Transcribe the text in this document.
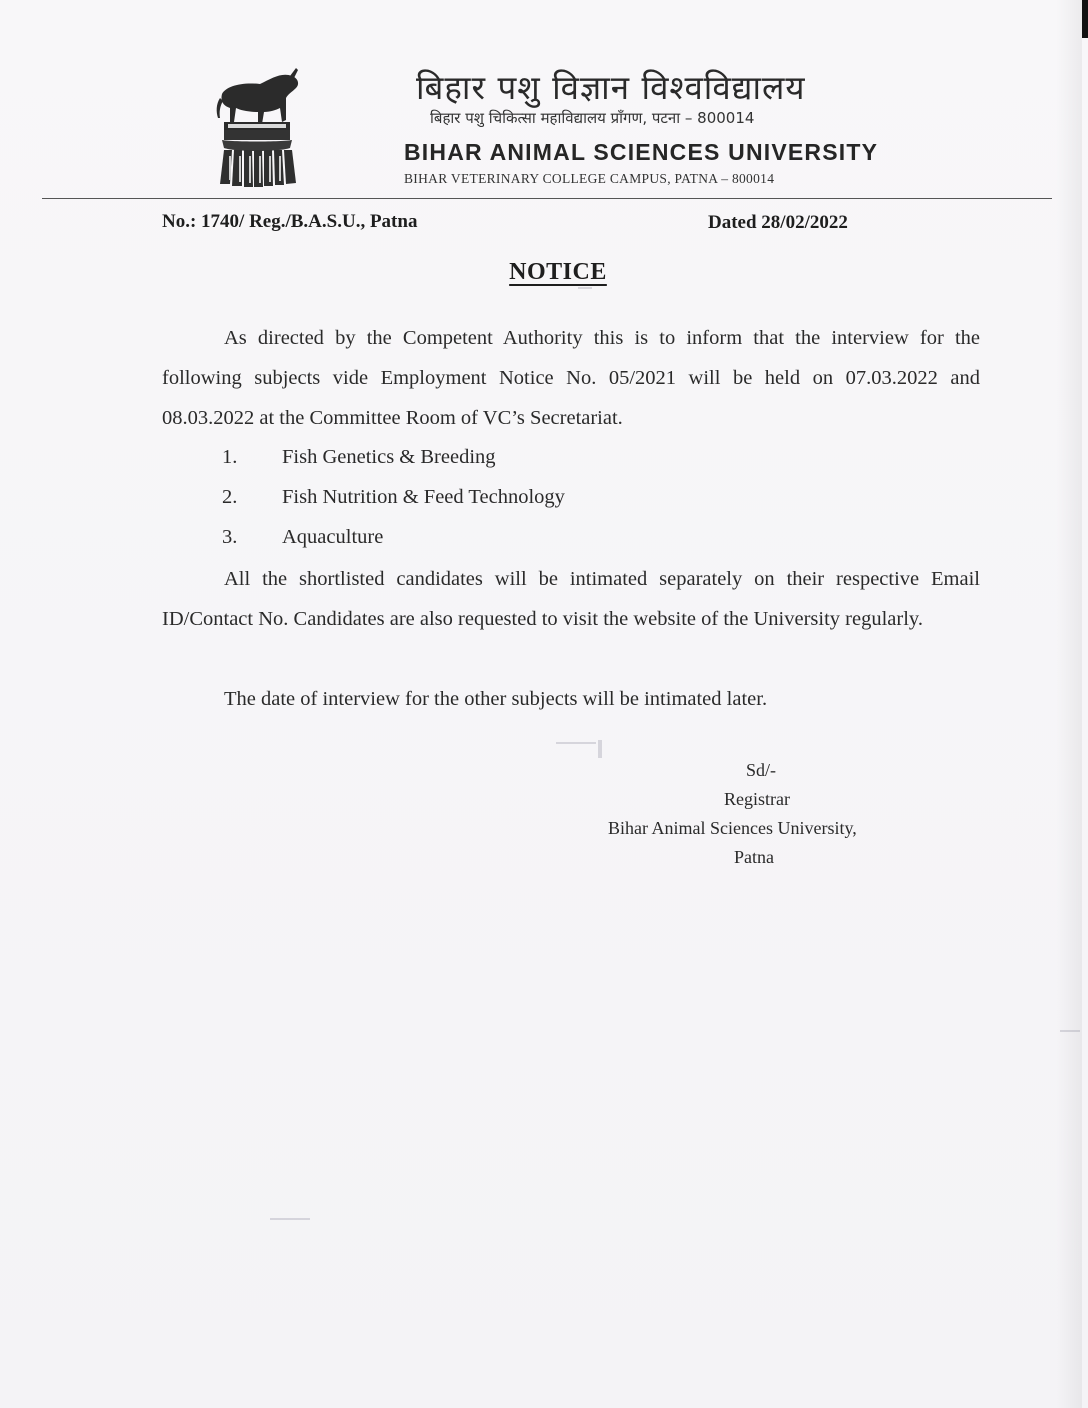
बिहार पशु विज्ञान विश्वविद्यालय
बिहार पशु चिकित्सा महाविद्यालय प्रॉंगण, पटना – 800014
BIHAR ANIMAL SCIENCES UNIVERSITY
BIHAR VETERINARY COLLEGE CAMPUS, PATNA – 800014
No.: 1740/ Reg./B.A.S.U., Patna	Dated 28/02/2022
NOTICE
As directed by the Competent Authority this is to inform that the interview for the following subjects vide Employment Notice No. 05/2021 will be held on 07.03.2022 and 08.03.2022 at the Committee Room of VC’s Secretariat.
1. Fish Genetics & Breeding
2. Fish Nutrition & Feed Technology
3. Aquaculture
All the shortlisted candidates will be intimated separately on their respective Email ID/Contact No. Candidates are also requested to visit the website of the University regularly.
The date of interview for the other subjects will be intimated later.
Sd/-
Registrar
Bihar Animal Sciences University,
Patna
